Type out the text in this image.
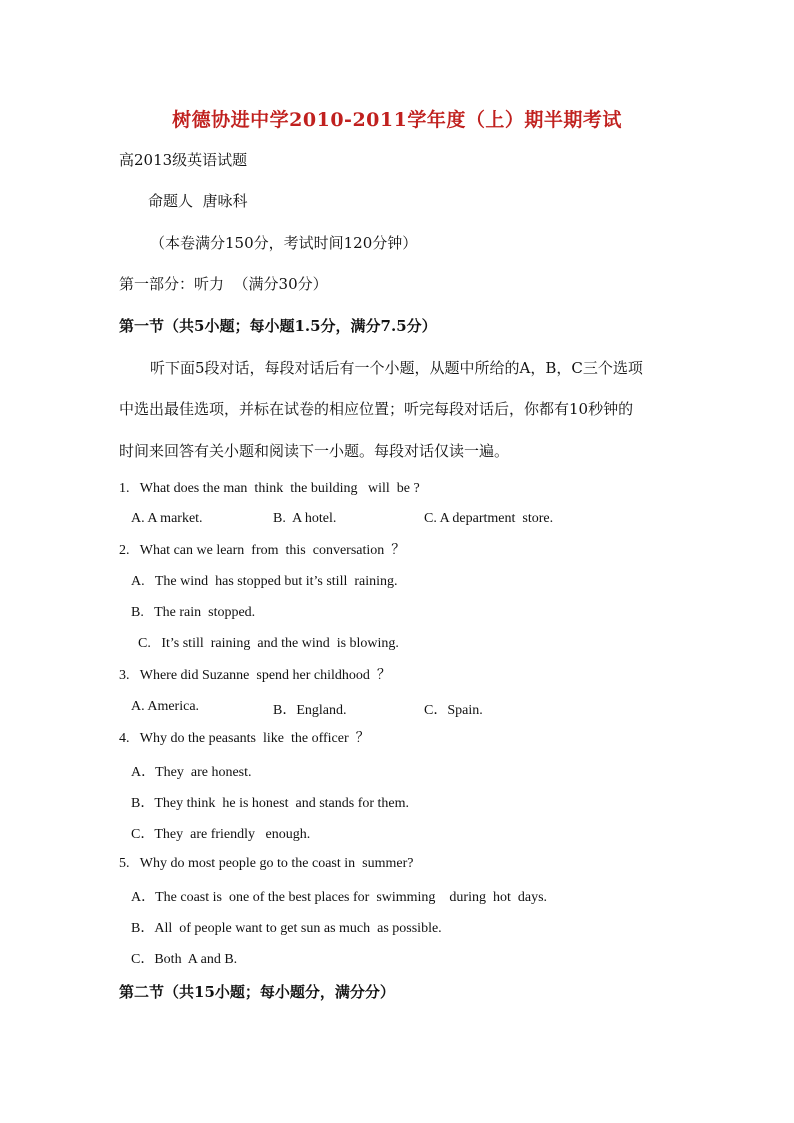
树德协进中学2010-2011学年度（上）期半期考试
高2013级英语试题
命题人  唐咏科
（本卷满分150分，考试时间120分钟）
第一部分：听力  （满分30分）
第一节（共5小题；每小题1.5分，满分7.5分）
听下面5段对话，每段对话后有一个小题，从题中所给的A，B，C三个选项
中选出最佳选项，并标在试卷的相应位置；听完每段对话后，你都有10秒钟的
时间来回答有关小题和阅读下一小题。每段对话仅读一遍。
1.   What does the man  think  the building   will  be ?
A. A market.	B.  A hotel.	C. A department  store.
2.   What can we learn  from  this  conversation  ？
A.   The wind  has stopped but it’s still  raining.
B.   The rain  stopped.
C.   It’s still  raining  and the wind  is blowing.
3.   Where did Suzanne  spend her childhood  ？
A. America.	B．England.	C．Spain.
4.   Why do the peasants  like  the officer  ？
A．They  are honest.
B．They think  he is honest  and stands for them.
C．They  are friendly   enough.
5.   Why do most people go to the coast in  summer?
A．The coast is  one of the best places for  swimming    during  hot  days.
B．All  of people want to get sun as much  as possible.
C．Both  A and B.
第二节（共15小题；每小题分，满分分）
